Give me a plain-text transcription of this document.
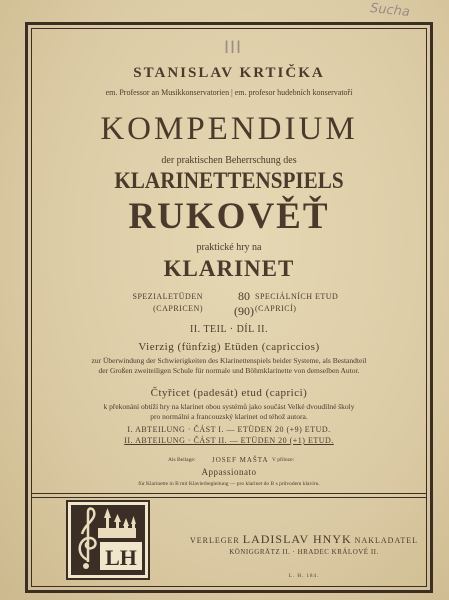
Sucha
III
STANISLAV KRTIČKA
em. Professor an Musikkonservatorien | em. profesor hudebních konservatoří
KOMPENDIUM
der praktischen Beherrschung des
KLARINETTENSPIELS
RUKOVĚŤ
praktické hry na
KLARINET
SPEZIALETÜDEN
(CAPRICEN)
80
(90)
SPECIÁLNÍCH ETUD
(CAPRICÍ)
II. TEIL · DÍL II.
Vierzig (fünfzig) Etüden (capriccios)
zur Überwindung der Schwierigkeiten des Klarinettenspiels beider Systeme, als Bestandteil
der Großen zweiteiligen Schule für normale und Böhmklarinette von demselben Autor.
Čtyřicet (padesát) etud (caprici)
k překonání obtíží hry na klarinet obou systémů jako součást Velké dvoudílné školy
pro normální a francouzský klarinet od téhož autora.
I. ABTEILUNG · ČÁST I. — ETÜDEN 20 (+9) ETUD.
II. ABTEILUNG · ČÁST II. — ETÜDEN 20 (+1) ETUD.
Als Beilage: JOSEF MAŠTA V příloze:
Appassionato
für Klarinette in B mit Klavierbegleitung — pro klarinet do B s průvodem klavíru.
LH
VERLEGER LADISLAV HNYK NAKLADATEL
KÖNIGGRÄTZ II. · HRADEC KRÁLOVÉ II.
L. H. 184.
